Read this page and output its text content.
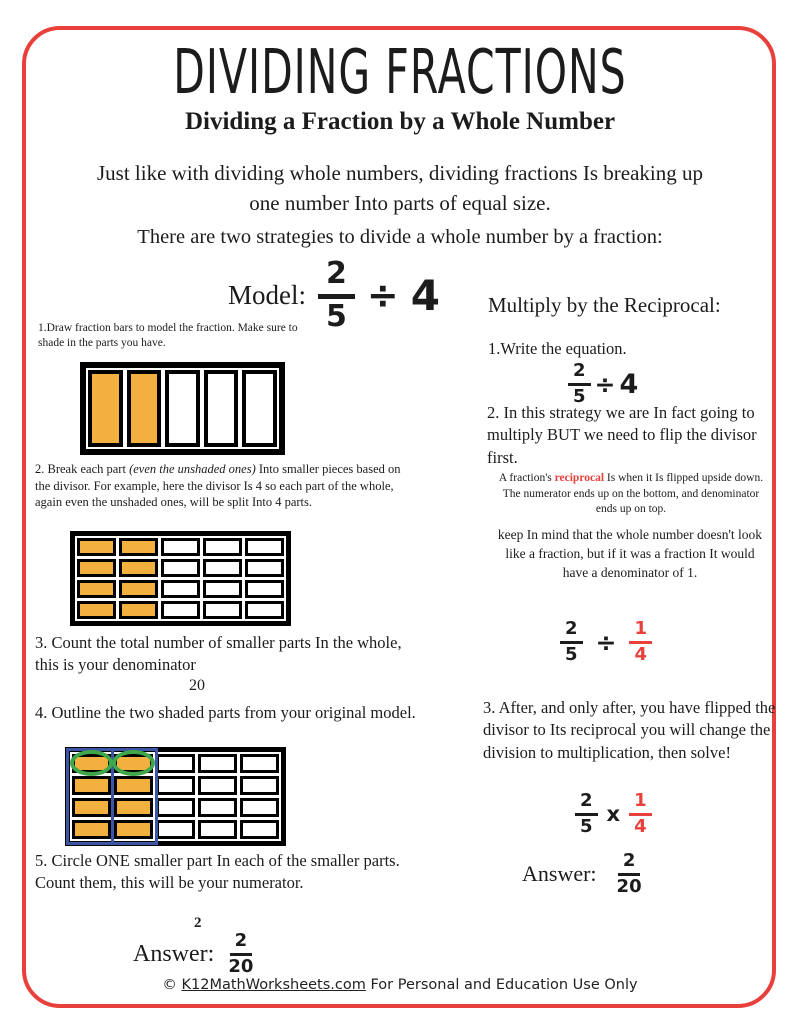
DIVIDING FRACTIONS
Dividing a Fraction by a Whole Number
Just like with dividing whole numbers, dividing fractions Is breaking up one number Into parts of equal size.
There are two strategies to divide a whole number by a fraction:
Model: $\frac{2}{5} \div 4$
1.Draw fraction bars to model the fraction. Make sure to shade in the parts you have.
2. Break each part (even the unshaded ones) Into smaller pieces based on the divisor. For example, here the divisor Is 4 so each part of the whole, again even the unshaded ones, will be split Into 4 parts.
3. Count the total number of smaller parts In the whole, this is your denominator
20
4. Outline the two shaded parts from your original model.
5. Circle ONE smaller part In each of the smaller parts. Count them, this will be your numerator.
2
Answer: $\frac{2}{20}$
Multiply by the Reciprocal:
1.Write the equation.
$\frac{2}{5} \div 4$
2. In this strategy we are In fact going to multiply BUT we need to flip the divisor first.
A fraction's reciprocal Is when it Is flipped upside down. The numerator ends up on the bottom, and denominator ends up on top.
keep In mind that the whole number doesn't look like a fraction, but if it was a fraction It would have a denominator of 1.
$\frac{2}{5} \div \frac{1}{4}$
3. After, and only after, you have flipped the divisor to Its reciprocal you will change the division to multiplication, then solve!
$\frac{2}{5}$ x $\frac{1}{4}$
Answer: $\frac{2}{20}$
© K12MathWorksheets.com For Personal and Education Use Only
